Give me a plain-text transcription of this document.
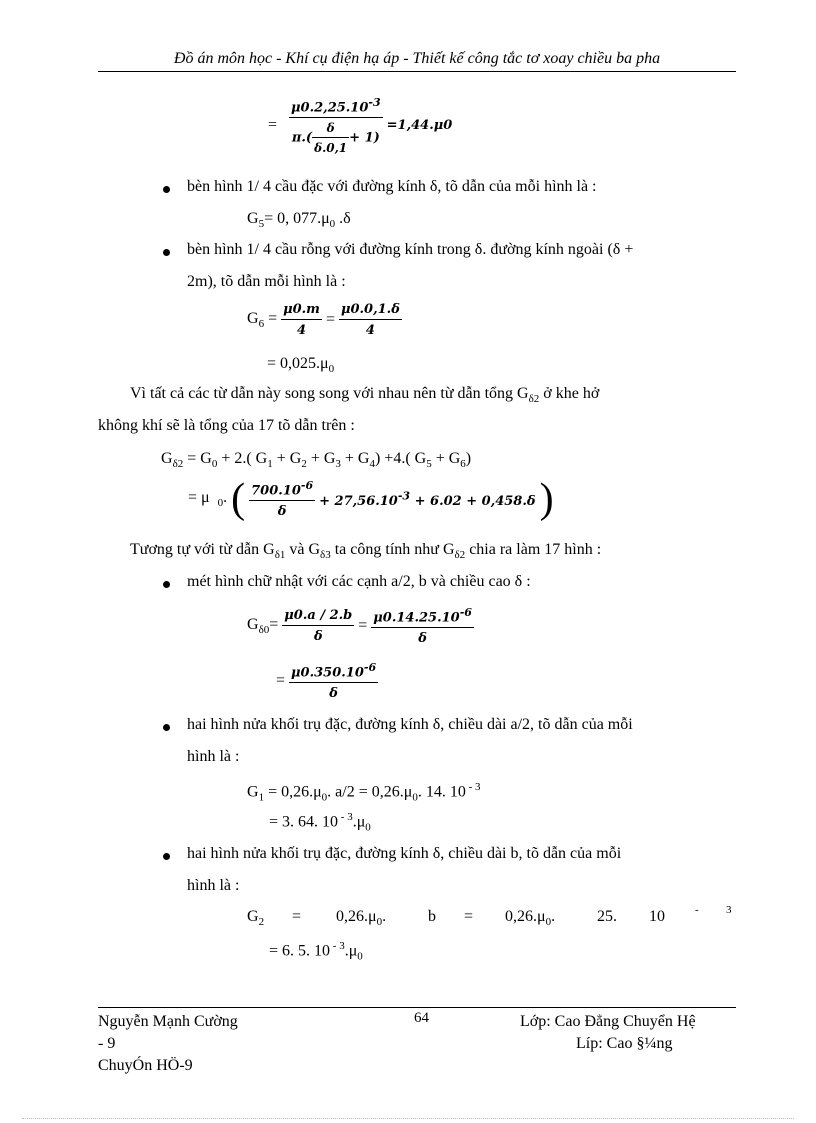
Đồ án môn học - Khí cụ điện hạ áp - Thiết kế công tắc tơ xoay chiều ba pha
= $\frac{\mu 0.2,25.10^{-3}}{\pi.( \frac{\delta}{\delta.0,1} + 1)} =1,44.\mu 0$
bèn hình 1/ 4 cầu đặc với đường kính δ, tõ dẫn của mỗi hình là :
$G_5= 0$, $077.\mu_0$ .δ
bèn hình 1/ 4 cầu rỗng với đường kính trong δ. đường kính ngoài (δ +
2m), tõ dẫn mỗi hình là :
$G_6 = \frac{\mu 0.m}{4} = \frac{\mu 0.0,1.\delta}{4}$
= $0,025.\mu_0$
Vì tất cả các từ dẫn này song song với nhau nên từ dẫn tổng $G_{\delta 2}$ ở khe hở
không khí sẽ là tổng của 17 tõ dẫn trên :
$G_{\delta 2} = G_0 + 2$.( $G_1 + G_2 + G_3 + G_4) +4$.( $G_5 + G_6$)
= μ $_0$. ( $\frac{700.10^{-6}}{\delta} + 27,56.10^{-3} + 6.02 + 0,458.\delta$ )
Tương tự với từ dẫn $G_{\delta 1}$ và $G_{\delta 3}$ ta công tính như $G_{\delta 2}$ chia ra làm 17 hình :
mét hình chữ nhật với các cạnh a/2, b và chiều cao δ :
$G_{\delta 0}= \frac{\mu 0.a / 2.b}{\delta} = \frac{\mu 0.14.25.10^{-6}}{\delta}$
= $\frac{\mu 0.350.10^{-6}}{\delta}$
hai hình nửa khối trụ đặc, đường kính δ, chiều dài a/2, tõ dẫn của mỗi
hình là :
$G_1 = 0,26.\mu_0$. $a/2 = 0,26.\mu_0$. 14. 10 $^{- 3}$
= 3. 64. 10 $^{- 3}.\mu_0$
hai hình nửa khối trụ đặc, đường kính δ, chiều dài b, tõ dẫn của mỗi
hình là :
$G_2 = 0,26.\mu_0$.	$b = 0,26.\mu_0$.	25. 10	- 3
= 6. 5. 10 $^{- 3}.\mu_0$
Nguyễn Mạnh Cường
- 9
ChuyÓn HÖ-9
64	Lớp: Cao Đẳng Chuyển Hệ
Líp: Cao §¼ng
